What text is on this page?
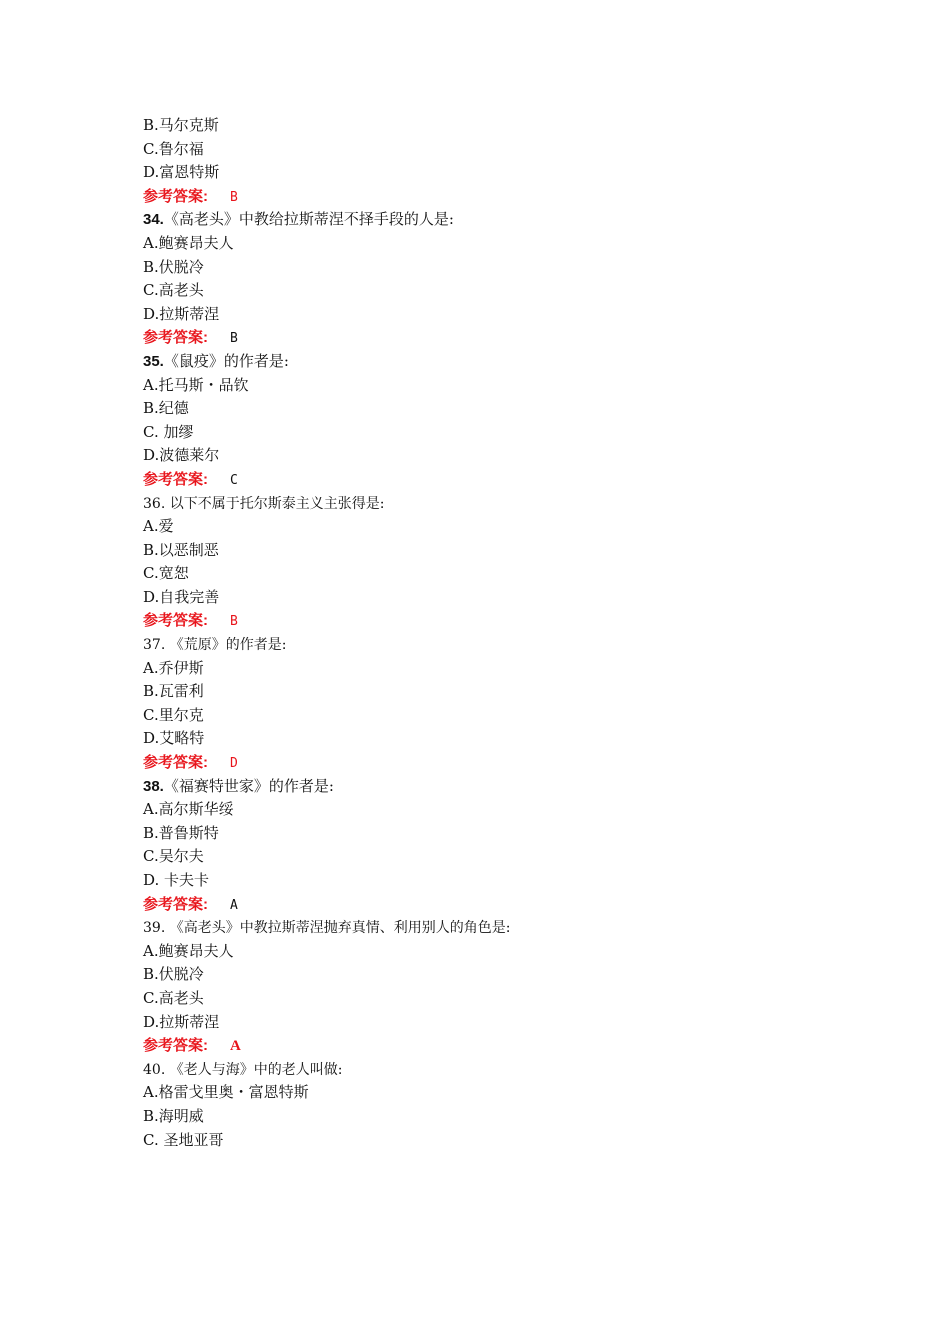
B.马尔克斯
C.鲁尔福
D.富恩特斯
参考答案: B
34.《高老头》中教给拉斯蒂涅不择手段的人是:
A.鲍赛昂夫人
B.伏脱冷
C.高老头
D.拉斯蒂涅
参考答案: B
35.《鼠疫》的作者是:
A.托马斯・品钦
B.纪德
C. 加缪
D.波德莱尔
参考答案: C
36. 以下不属于托尔斯泰主义主张得是:
A.爱
B.以恶制恶
C.宽恕
D.自我完善
参考答案: B
37. 《荒原》的作者是:
A.乔伊斯
B.瓦雷利
C.里尔克
D.艾略特
参考答案: D
38.《福赛特世家》的作者是:
A.高尔斯华绥
B.普鲁斯特
C.吴尔夫
D. 卡夫卡
参考答案: A
39. 《高老头》中教拉斯蒂涅抛弃真情、利用别人的角色是:
A.鲍赛昂夫人
B.伏脱冷
C.高老头
D.拉斯蒂涅
参考答案: A
40. 《老人与海》中的老人叫做:
A.格雷戈里奥・富恩特斯
B.海明威
C. 圣地亚哥
